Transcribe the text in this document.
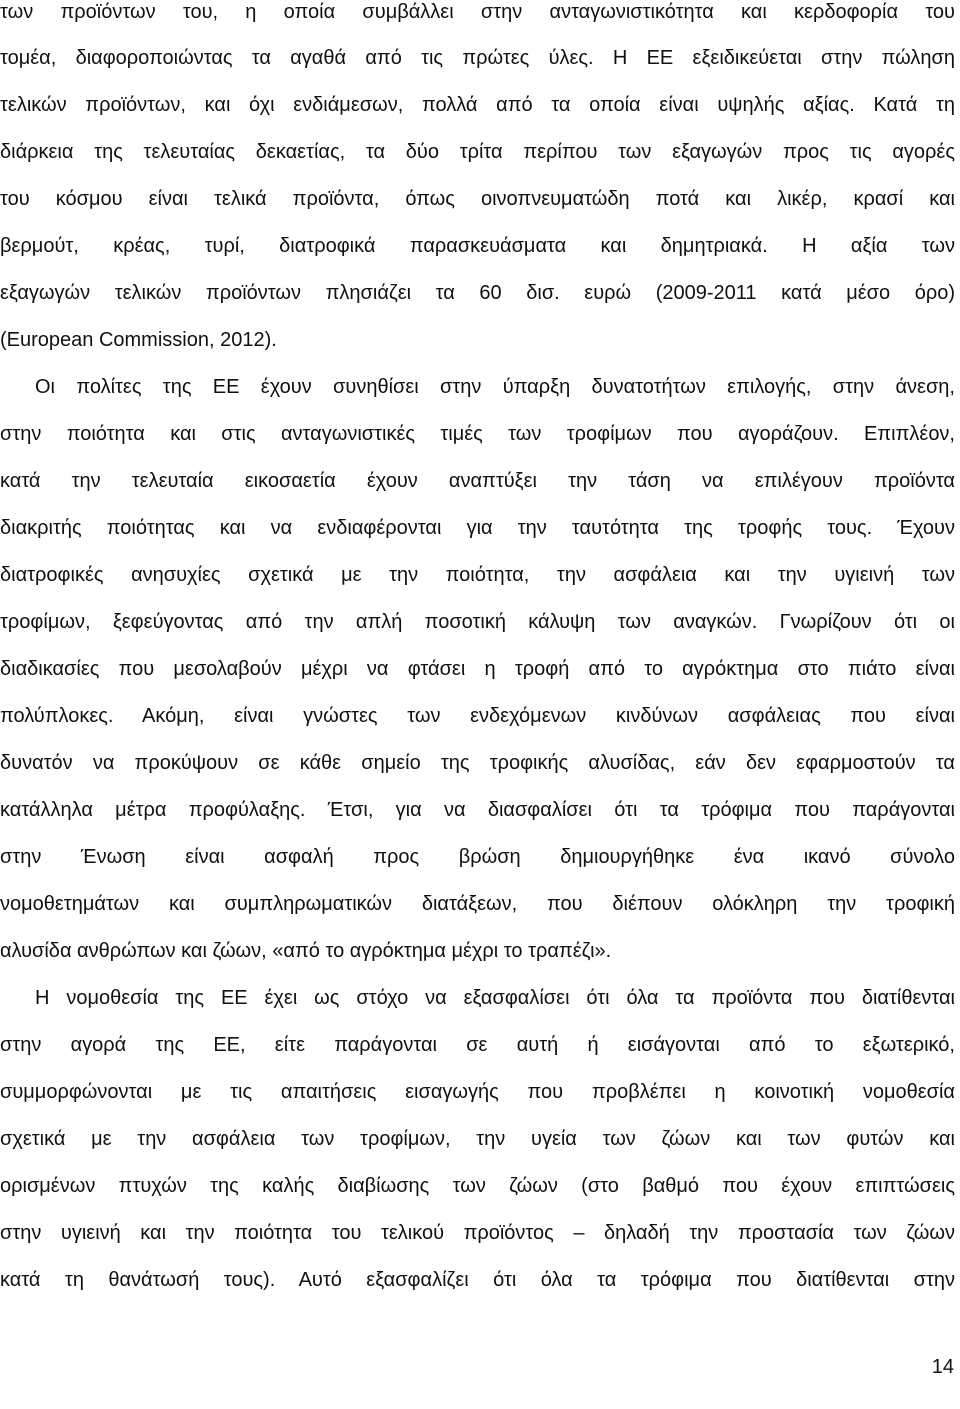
των προϊόντων του, η οποία συμβάλλει στην ανταγωνιστικότητα και κερδοφορία του
τομέα, διαφοροποιώντας τα αγαθά από τις πρώτες ύλες. Η ΕΕ εξειδικεύεται στην πώληση
τελικών προϊόντων, και όχι ενδιάμεσων, πολλά από τα οποία είναι υψηλής αξίας. Κατά τη
διάρκεια της τελευταίας δεκαετίας, τα δύο τρίτα περίπου των εξαγωγών προς τις αγορές
του κόσμου είναι τελικά προϊόντα, όπως οινοπνευματώδη ποτά και λικέρ, κρασί και
βερμούτ, κρέας, τυρί, διατροφικά παρασκευάσματα και δημητριακά. Η αξία των
εξαγωγών τελικών προϊόντων πλησιάζει τα 60 δισ. ευρώ (2009-2011 κατά μέσο όρο)
(European Commission, 2012).
Οι πολίτες της ΕΕ έχουν συνηθίσει στην ύπαρξη δυνατοτήτων επιλογής, στην άνεση,
στην ποιότητα και στις ανταγωνιστικές τιμές των τροφίμων που αγοράζουν. Επιπλέον,
κατά την τελευταία εικοσαετία έχουν αναπτύξει την τάση να επιλέγουν προϊόντα
διακριτής ποιότητας και να ενδιαφέρονται για την ταυτότητα της τροφής τους. Έχουν
διατροφικές ανησυχίες σχετικά με την ποιότητα, την ασφάλεια και την υγιεινή των
τροφίμων, ξεφεύγοντας από την απλή ποσοτική κάλυψη των αναγκών. Γνωρίζουν ότι οι
διαδικασίες που μεσολαβούν μέχρι να φτάσει η τροφή από το αγρόκτημα στο πιάτο είναι
πολύπλοκες. Ακόμη, είναι γνώστες των ενδεχόμενων κινδύνων ασφάλειας που είναι
δυνατόν να προκύψουν σε κάθε σημείο της τροφικής αλυσίδας, εάν δεν εφαρμοστούν τα
κατάλληλα μέτρα προφύλαξης. Έτσι, για να διασφαλίσει ότι τα τρόφιμα που παράγονται
στην Ένωση είναι ασφαλή προς βρώση δημιουργήθηκε ένα ικανό σύνολο
νομοθετημάτων και συμπληρωματικών διατάξεων, που διέπουν ολόκληρη την τροφική
αλυσίδα ανθρώπων και ζώων, «από το αγρόκτημα μέχρι το τραπέζι».
Η νομοθεσία της ΕΕ έχει ως στόχο να εξασφαλίσει ότι όλα τα προϊόντα που διατίθενται
στην αγορά της ΕΕ, είτε παράγονται σε αυτή ή εισάγονται από το εξωτερικό,
συμμορφώνονται με τις απαιτήσεις εισαγωγής που προβλέπει η κοινοτική νομοθεσία
σχετικά με την ασφάλεια των τροφίμων, την υγεία των ζώων και των φυτών και
ορισμένων πτυχών της καλής διαβίωσης των ζώων (στο βαθμό που έχουν επιπτώσεις
στην υγιεινή και την ποιότητα του τελικού προϊόντος – δηλαδή την προστασία των ζώων
κατά τη θανάτωσή τους). Αυτό εξασφαλίζει ότι όλα τα τρόφιμα που διατίθενται στην
14
